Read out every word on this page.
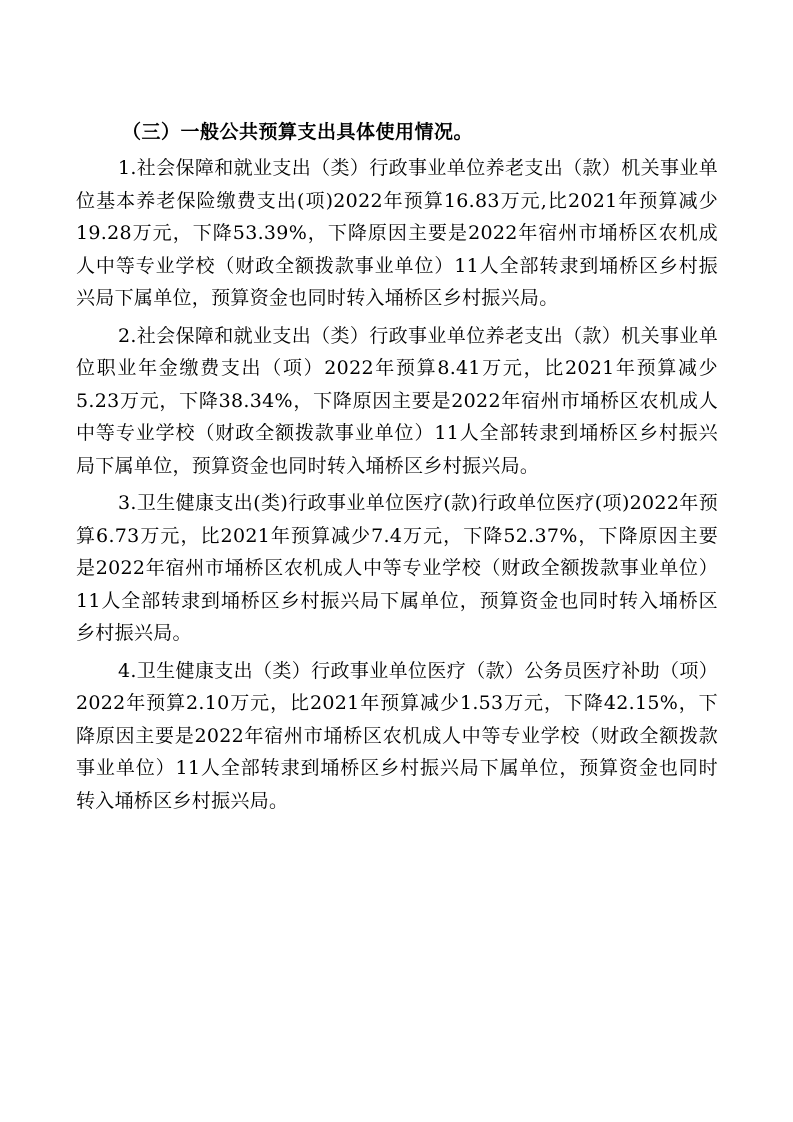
（三）一般公共预算支出具体使用情况。

1.社会保障和就业支出（类）行政事业单位养老支出（款）机关事业单位基本养老保险缴费支出(项)2022年预算16.83万元,比2021年预算减少19.28万元，下降53.39%，下降原因主要是2022年宿州市埇桥区农机成人中等专业学校（财政全额拨款事业单位）11人全部转隶到埇桥区乡村振兴局下属单位，预算资金也同时转入埇桥区乡村振兴局。

2.社会保障和就业支出（类）行政事业单位养老支出（款）机关事业单位职业年金缴费支出（项）2022年预算8.41万元，比2021年预算减少5.23万元，下降38.34%，下降原因主要是2022年宿州市埇桥区农机成人中等专业学校（财政全额拨款事业单位）11人全部转隶到埇桥区乡村振兴局下属单位，预算资金也同时转入埇桥区乡村振兴局。

3.卫生健康支出(类)行政事业单位医疗(款)行政单位医疗(项)2022年预算6.73万元，比2021年预算减少7.4万元，下降52.37%，下降原因主要是2022年宿州市埇桥区农机成人中等专业学校（财政全额拨款事业单位）11人全部转隶到埇桥区乡村振兴局下属单位，预算资金也同时转入埇桥区乡村振兴局。

4.卫生健康支出（类）行政事业单位医疗（款）公务员医疗补助（项）2022年预算2.10万元，比2021年预算减少1.53万元，下降42.15%，下降原因主要是2022年宿州市埇桥区农机成人中等专业学校（财政全额拨款事业单位）11人全部转隶到埇桥区乡村振兴局下属单位，预算资金也同时转入埇桥区乡村振兴局。
